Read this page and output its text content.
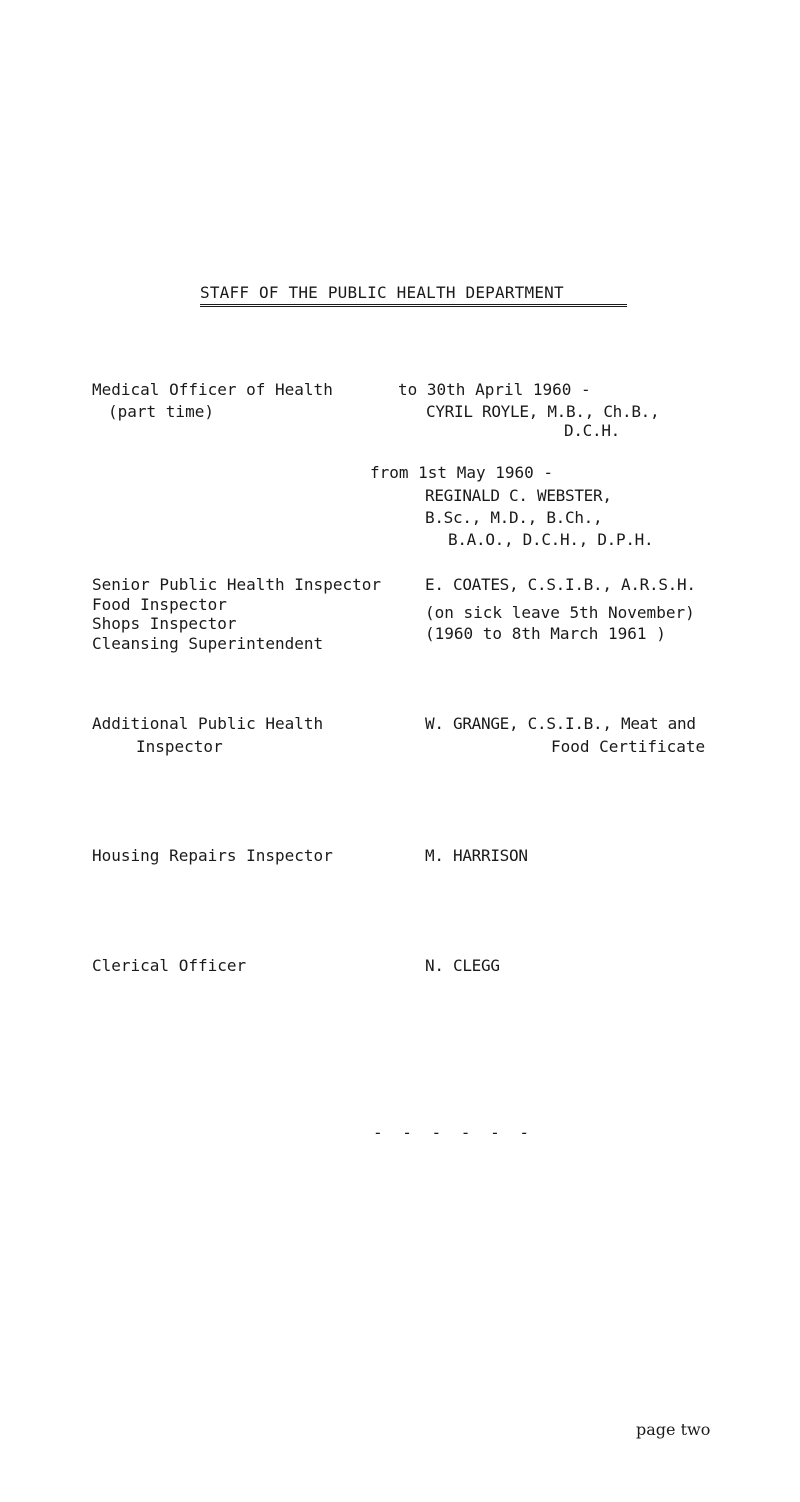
STAFF OF THE PUBLIC HEALTH DEPARTMENT
Medical Officer of Health
(part time)
to 30th April 1960 -
CYRIL ROYLE, M.B., Ch.B.,
D.C.H.
from 1st May 1960 -
REGINALD C. WEBSTER,
B.Sc., M.D., B.Ch.,
B.A.O., D.C.H., D.P.H.
Senior Public Health Inspector
Food Inspector
Shops Inspector
Cleansing Superintendent
E. COATES, C.S.I.B., A.R.S.H.
(on sick leave 5th November)
(1960 to 8th March 1961 )
Additional Public Health
Inspector
W. GRANGE, C.S.I.B., Meat and
Food Certificate
Housing Repairs Inspector	M. HARRISON
Clerical Officer	N. CLEGG
- - - - - -
page two
